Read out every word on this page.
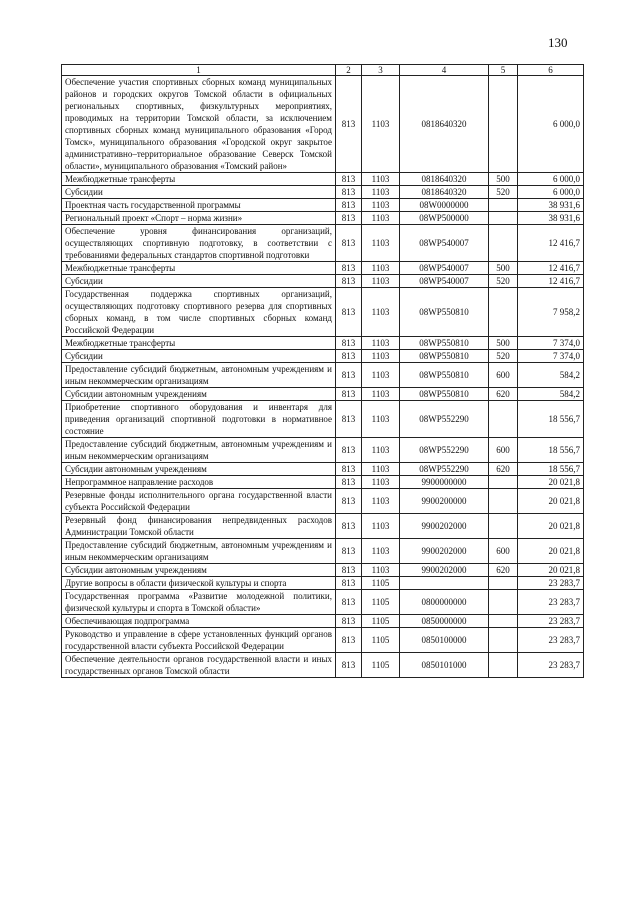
130
1	2	3	4	5	6
Обеспечение участия спортивных сборных команд муниципальных районов и городских округов Томской области в официальных региональных спортивных, физкультурных мероприятиях, проводимых на территории Томской области, за исключением спортивных сборных команд муниципального образования «Город Томск», муниципального образования «Городской округ закрытое административно–территориальное образование Северск Томской области», муниципального образования «Томский район»	813	1103	0818640320		6 000,0
Межбюджетные трансферты	813	1103	0818640320	500	6 000,0
Субсидии	813	1103	0818640320	520	6 000,0
Проектная часть государственной программы	813	1103	08W0000000		38 931,6
Региональный проект «Спорт – норма жизни»	813	1103	08WP500000		38 931,6
Обеспечение уровня финансирования организаций, осуществляющих спортивную подготовку, в соответствии с требованиями федеральных стандартов спортивной подготовки	813	1103	08WP540007		12 416,7
Межбюджетные трансферты	813	1103	08WP540007	500	12 416,7
Субсидии	813	1103	08WP540007	520	12 416,7
Государственная поддержка спортивных организаций, осуществляющих подготовку спортивного резерва для спортивных сборных команд, в том числе спортивных сборных команд Российской Федерации	813	1103	08WP550810		7 958,2
Межбюджетные трансферты	813	1103	08WP550810	500	7 374,0
Субсидии	813	1103	08WP550810	520	7 374,0
Предоставление субсидий бюджетным, автономным учреждениям и иным некоммерческим организациям	813	1103	08WP550810	600	584,2
Субсидии автономным учреждениям	813	1103	08WP550810	620	584,2
Приобретение спортивного оборудования и инвентаря для приведения организаций спортивной подготовки в нормативное состояние	813	1103	08WP552290		18 556,7
Предоставление субсидий бюджетным, автономным учреждениям и иным некоммерческим организациям	813	1103	08WP552290	600	18 556,7
Субсидии автономным учреждениям	813	1103	08WP552290	620	18 556,7
Непрограммное направление расходов	813	1103	9900000000		20 021,8
Резервные фонды исполнительного органа государственной власти субъекта Российской Федерации	813	1103	9900200000		20 021,8
Резервный фонд финансирования непредвиденных расходов Администрации Томской области	813	1103	9900202000		20 021,8
Предоставление субсидий бюджетным, автономным учреждениям и иным некоммерческим организациям	813	1103	9900202000	600	20 021,8
Субсидии автономным учреждениям	813	1103	9900202000	620	20 021,8
Другие вопросы в области физической культуры и спорта	813	1105			23 283,7
Государственная программа «Развитие молодежной политики, физической культуры и спорта в Томской области»	813	1105	0800000000		23 283,7
Обеспечивающая подпрограмма	813	1105	0850000000		23 283,7
Руководство и управление в сфере установленных функций органов государственной власти субъекта Российской Федерации	813	1105	0850100000		23 283,7
Обеспечение деятельности органов государственной власти и иных государственных органов Томской области	813	1105	0850101000		23 283,7
